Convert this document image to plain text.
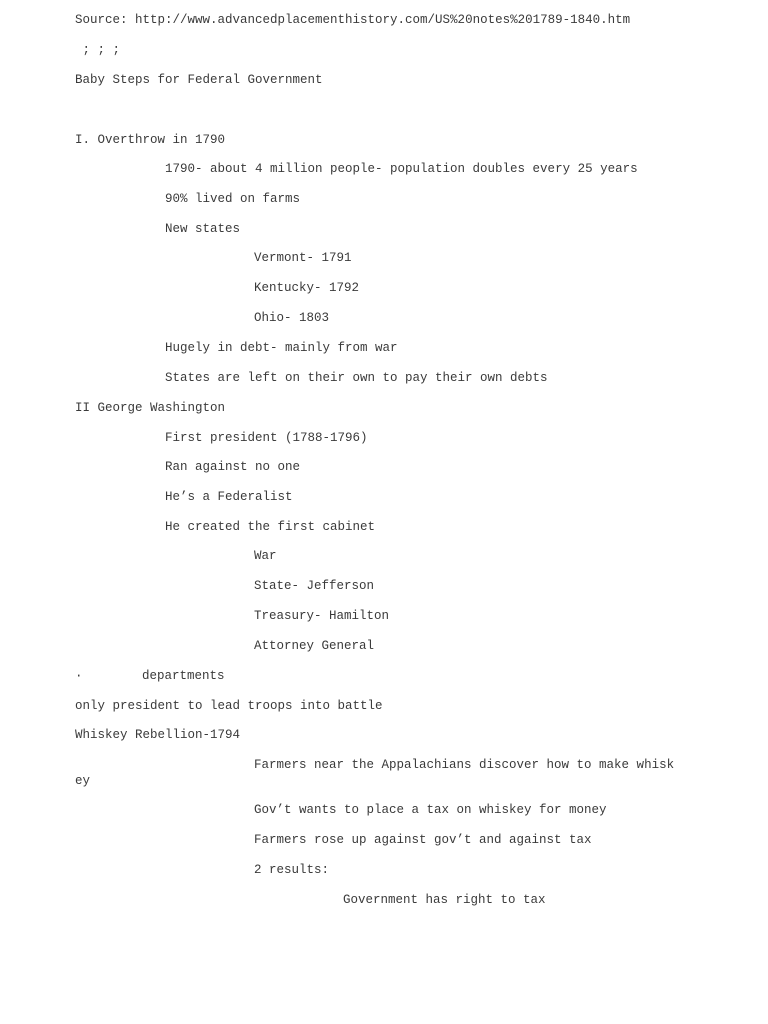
Source: http://www.advancedplacementhistory.com/US%20notes%201789-1840.htm
; ; ;
Baby Steps for Federal Government
I. Overthrow in 1790
1790- about 4 million people- population doubles every 25 years
90% lived on farms
New states
Vermont- 1791
Kentucky- 1792
Ohio- 1803
Hugely in debt- mainly from war
States are left on their own to pay their own debts
II George Washington
First president (1788-1796)
Ran against no one
He’s a Federalist
He created the first cabinet
War
State- Jefferson
Treasury- Hamilton
Attorney General
·	departments
only president to lead troops into battle
Whiskey Rebellion-1794
Farmers near the Appalachians discover how to make whisk
ey
Gov’t wants to place a tax on whiskey for money
Farmers rose up against gov’t and against tax
2 results:
Government has right to tax
